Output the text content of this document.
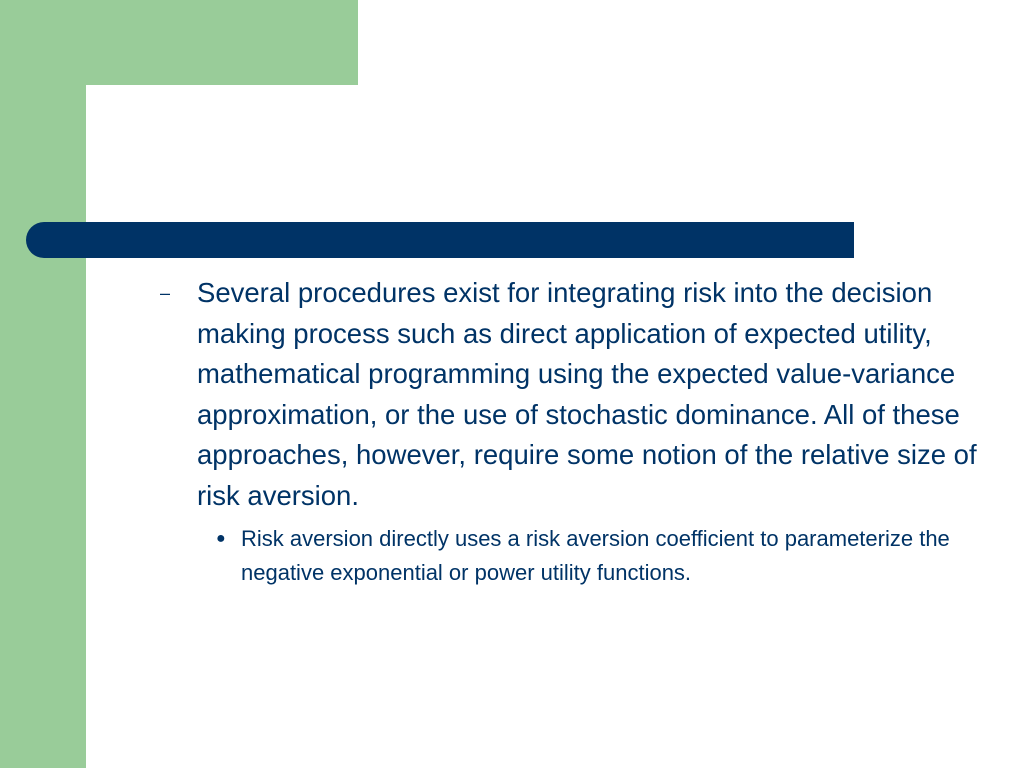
– Several procedures exist for integrating risk into the decision making process such as direct application of expected utility, mathematical programming using the expected value-variance approximation, or the use of stochastic dominance. All of these approaches, however, require some notion of the relative size of risk aversion.

● Risk aversion directly uses a risk aversion coefficient to parameterize the negative exponential or power utility functions.
